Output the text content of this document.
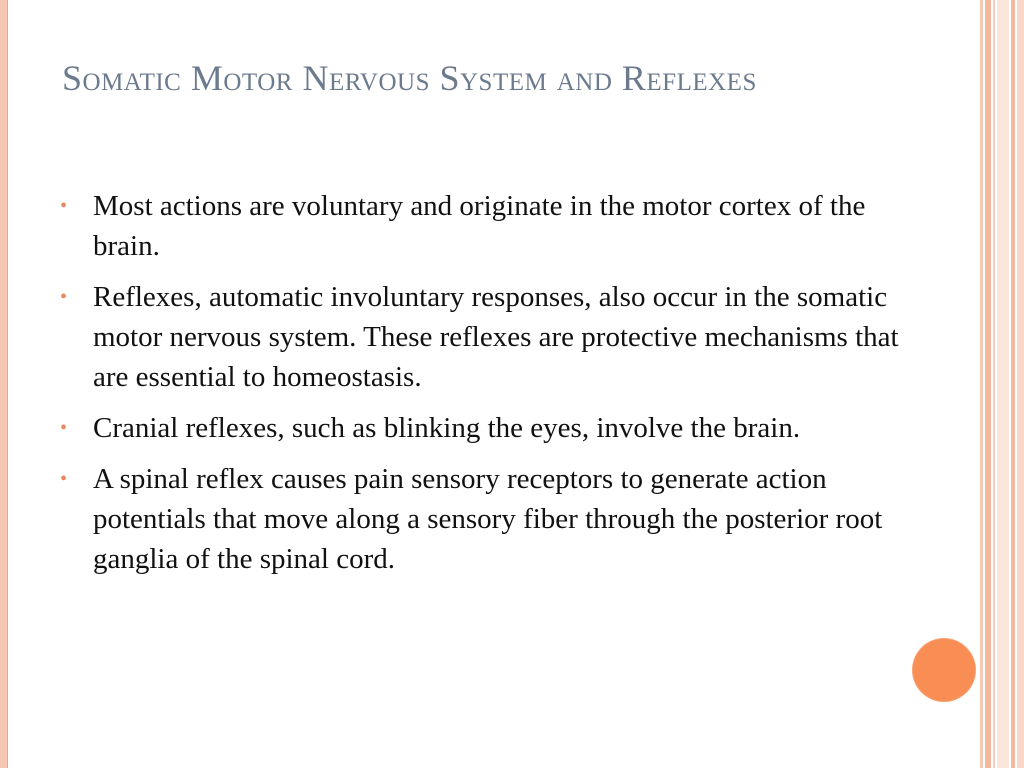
Somatic Motor Nervous System and Reflexes
• Most actions are voluntary and originate in the motor cortex of the brain.
• Reflexes, automatic involuntary responses, also occur in the somatic motor nervous system. These reflexes are protective mechanisms that are essential to homeostasis.
• Cranial reflexes, such as blinking the eyes, involve the brain.
• A spinal reflex causes pain sensory receptors to generate action potentials that move along a sensory fiber through the posterior root ganglia of the spinal cord.
